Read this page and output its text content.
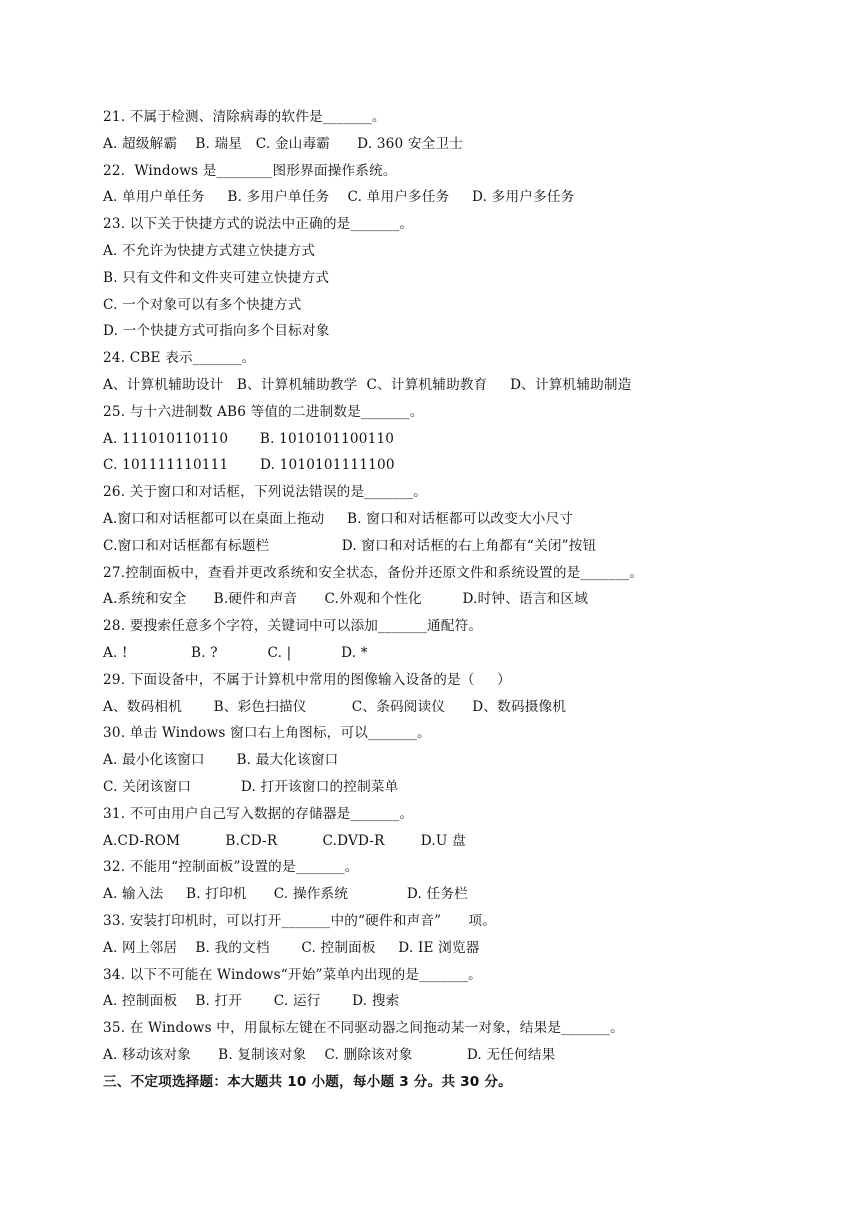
21. 不属于检测、清除病毒的软件是_______。
A. 超级解霸    B. 瑞星   C. 金山毒霸      D. 360 安全卫士
22．Windows 是________图形界面操作系统。
A. 单用户单任务     B. 多用户单任务    C. 单用户多任务     D. 多用户多任务
23. 以下关于快捷方式的说法中正确的是_______。
A. 不允许为快捷方式建立快捷方式
B. 只有文件和文件夹可建立快捷方式
C. 一个对象可以有多个快捷方式
D. 一个快捷方式可指向多个目标对象
24. CBE 表示_______。
A、计算机辅助设计   B、计算机辅助教学  C、计算机辅助教育     D、计算机辅助制造
25. 与十六进制数 AB6 等值的二进制数是_______。
A. 111010110110       B. 1010101100110
C. 101111110111       D. 1010101111100
26. 关于窗口和对话框，下列说法错误的是_______。
A.窗口和对话框都可以在桌面上拖动     B. 窗口和对话框都可以改变大小尺寸
C.窗口和对话框都有标题栏                D. 窗口和对话框的右上角都有“关闭”按钮
27.控制面板中，查看并更改系统和安全状态，备份并还原文件和系统设置的是_______。
A.系统和安全      B.硬件和声音      C.外观和个性化         D.时钟、语言和区域
28. 要搜索任意多个字符，关键词中可以添加_______通配符。
A. !              B. ?           C. |           D. *
29. 下面设备中，不属于计算机中常用的图像输入设备的是（     ）
A、数码相机       B、彩色扫描仪          C、条码阅读仪      D、数码摄像机
30. 单击 Windows 窗口右上角图标，可以_______。
A. 最小化该窗口       B. 最大化该窗口
C. 关闭该窗口           D. 打开该窗口的控制菜单
31. 不可由用户自己写入数据的存储器是_______。
A.CD-ROM          B.CD-R          C.DVD-R        D.U 盘
32. 不能用“控制面板”设置的是_______。
A. 输入法     B. 打印机      C. 操作系统             D. 任务栏
33. 安装打印机时，可以打开_______中的“硬件和声音”      项。
A. 网上邻居    B. 我的文档       C. 控制面板     D. IE 浏览器
34. 以下不可能在 Windows“开始”菜单内出现的是_______。
A. 控制面板    B. 打开       C. 运行       D. 搜索
35. 在 Windows 中，用鼠标左键在不同驱动器之间拖动某一对象，结果是_______。
A. 移动该对象      B. 复制该对象    C. 删除该对象            D. 无任何结果
三、不定项选择题：本大题共 10 小题，每小题 3 分。共 30 分。
